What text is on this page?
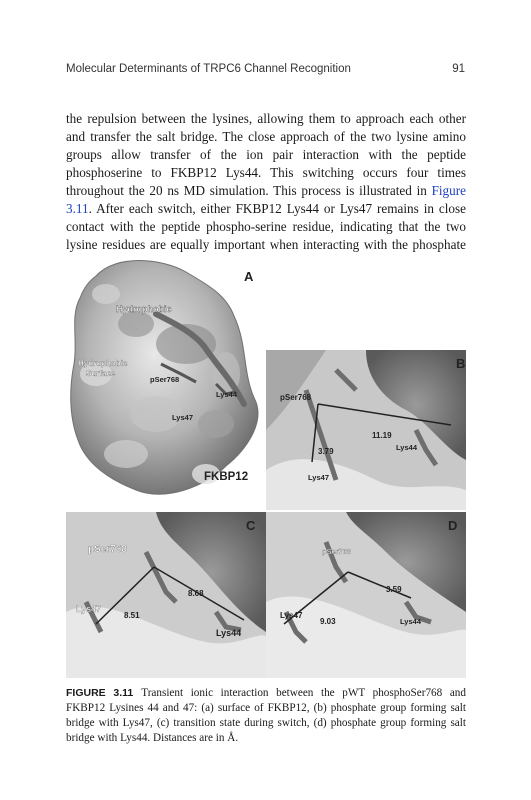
Molecular Determinants of TRPC6 Channel Recognition	91

the repulsion between the lysines, allowing them to approach each other and transfer the salt bridge. The close approach of the two lysine amino groups allow transfer of the ion pair interaction with the peptide phosphoserine to FKBP12 Lys44. This switching occurs four times throughout the 20 ns MD simulation. This process is illustrated in Figure 3.11. After each switch, either FKBP12 Lys44 or Lys47 remains in close contact with the peptide phospho-serine residue, indicating that the two lysine residues are equally important when interacting with the phosphate

A
Hydrophobic
Hydrophobic
Surface
pSer768
Lys44
Lys47
FKBP12
B
pSer768
11.19
3.79	Lys44
Lys47
C
pSer768
8.68
8.51
Lys47
Lys44
D
pSer768
3.59
9.03
Lys47
Lys44

FIGURE 3.11 Transient ionic interaction between the pWT phosphoSer768 and FKBP12 Lysines 44 and 47: (a) surface of FKBP12, (b) phosphate group forming salt bridge with Lys47, (c) transition state during switch, (d) phosphate group forming salt bridge with Lys44. Distances are in Å.
